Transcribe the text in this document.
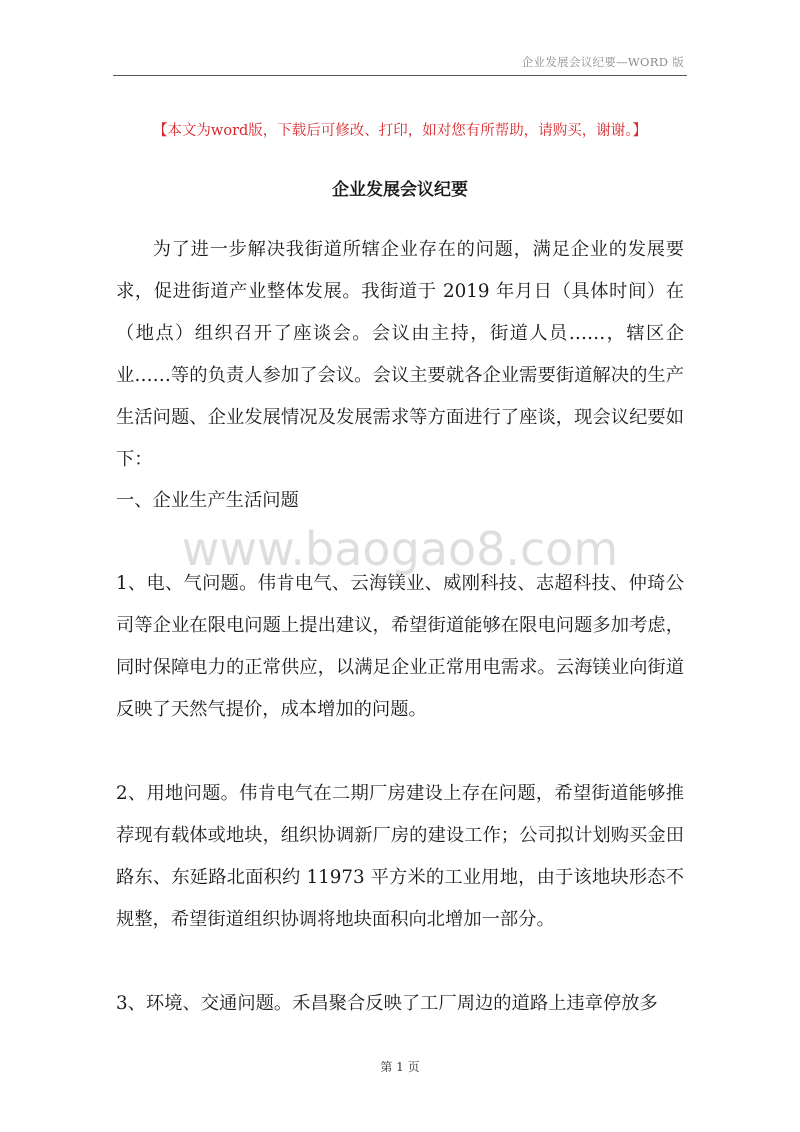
企业发展会议纪要—WORD 版
【本文为word版，下载后可修改、打印，如对您有所帮助，请购买，谢谢。】
企业发展会议纪要

为了进一步解决我街道所辖企业存在的问题，满足企业的发展要求，促进街道产业整体发展。我街道于 2019 年月日（具体时间）在（地点）组织召开了座谈会。会议由主持，街道人员……，辖区企业……等的负责人参加了会议。会议主要就各企业需要街道解决的生产生活问题、企业发展情况及发展需求等方面进行了座谈，现会议纪要如下：

一、企业生产生活问题

www.baogao8.com

1、电、气问题。伟肯电气、云海镁业、威刚科技、志超科技、仲琦公司等企业在限电问题上提出建议，希望街道能够在限电问题多加考虑，同时保障电力的正常供应，以满足企业正常用电需求。云海镁业向街道反映了天然气提价，成本增加的问题。

2、用地问题。伟肯电气在二期厂房建设上存在问题，希望街道能够推荐现有载体或地块，组织协调新厂房的建设工作；公司拟计划购买金田路东、东延路北面积约 11973 平方米的工业用地，由于该地块形态不规整，希望街道组织协调将地块面积向北增加一部分。

3、环境、交通问题。禾昌聚合反映了工厂周边的道路上违章停放多

第 1 页
